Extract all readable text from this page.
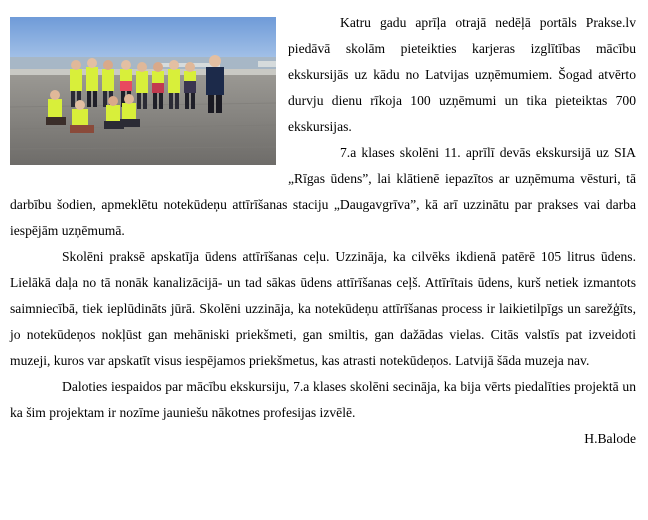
Katru gadu aprīļa otrajā nedēļā portāls Prakse.lv piedāvā skolām pieteikties karjeras izglītības mācību ekskursijās uz kādu no Latvijas uzņēmumiem. Šogad atvērto durvju dienu rīkoja 100 uzņēmumi un tika pieteiktas 700 ekskursijas.

7.a klases skolēni 11. aprīlī devās ekskursijā uz SIA „Rīgas ūdens”, lai klātienē iepazītos ar uzņēmuma vēsturi, tā darbību šodien, apmeklētu notekūdeņu attīrīšanas staciju „Daugavgrīva”, kā arī uzzinātu par prakses vai darba iespējām uzņēmumā.

Skolēni praksē apskatīja ūdens attīrīšanas ceļu. Uzzināja, ka cilvēks ikdienā patērē 105 litrus ūdens. Lielākā daļa no tā nonāk kanalizācijā- un tad sākas ūdens attīrīšanas ceļš. Attīrītais ūdens, kurš netiek izmantots saimniecībā, tiek ieplūdināts jūrā. Skolēni uzzināja, ka notekūdeņu attīrīšanas process ir laikietilpīgs un sarežģīts, jo notekūdeņos nokļūst gan mehāniski priekšmeti, gan smiltis, gan dažādas vielas. Citās valstīs pat izveidoti muzeji, kuros var apskatīt visus iespējamos priekšmetus, kas atrasti notekūdeņos. Latvijā šāda muzeja nav.

Daloties iespaidos par mācību ekskursiju, 7.a klases skolēni secināja, ka bija vērts piedalīties projektā un ka šim projektam ir nozīme jauniešu nākotnes profesijas izvēlē.

H.Balode
